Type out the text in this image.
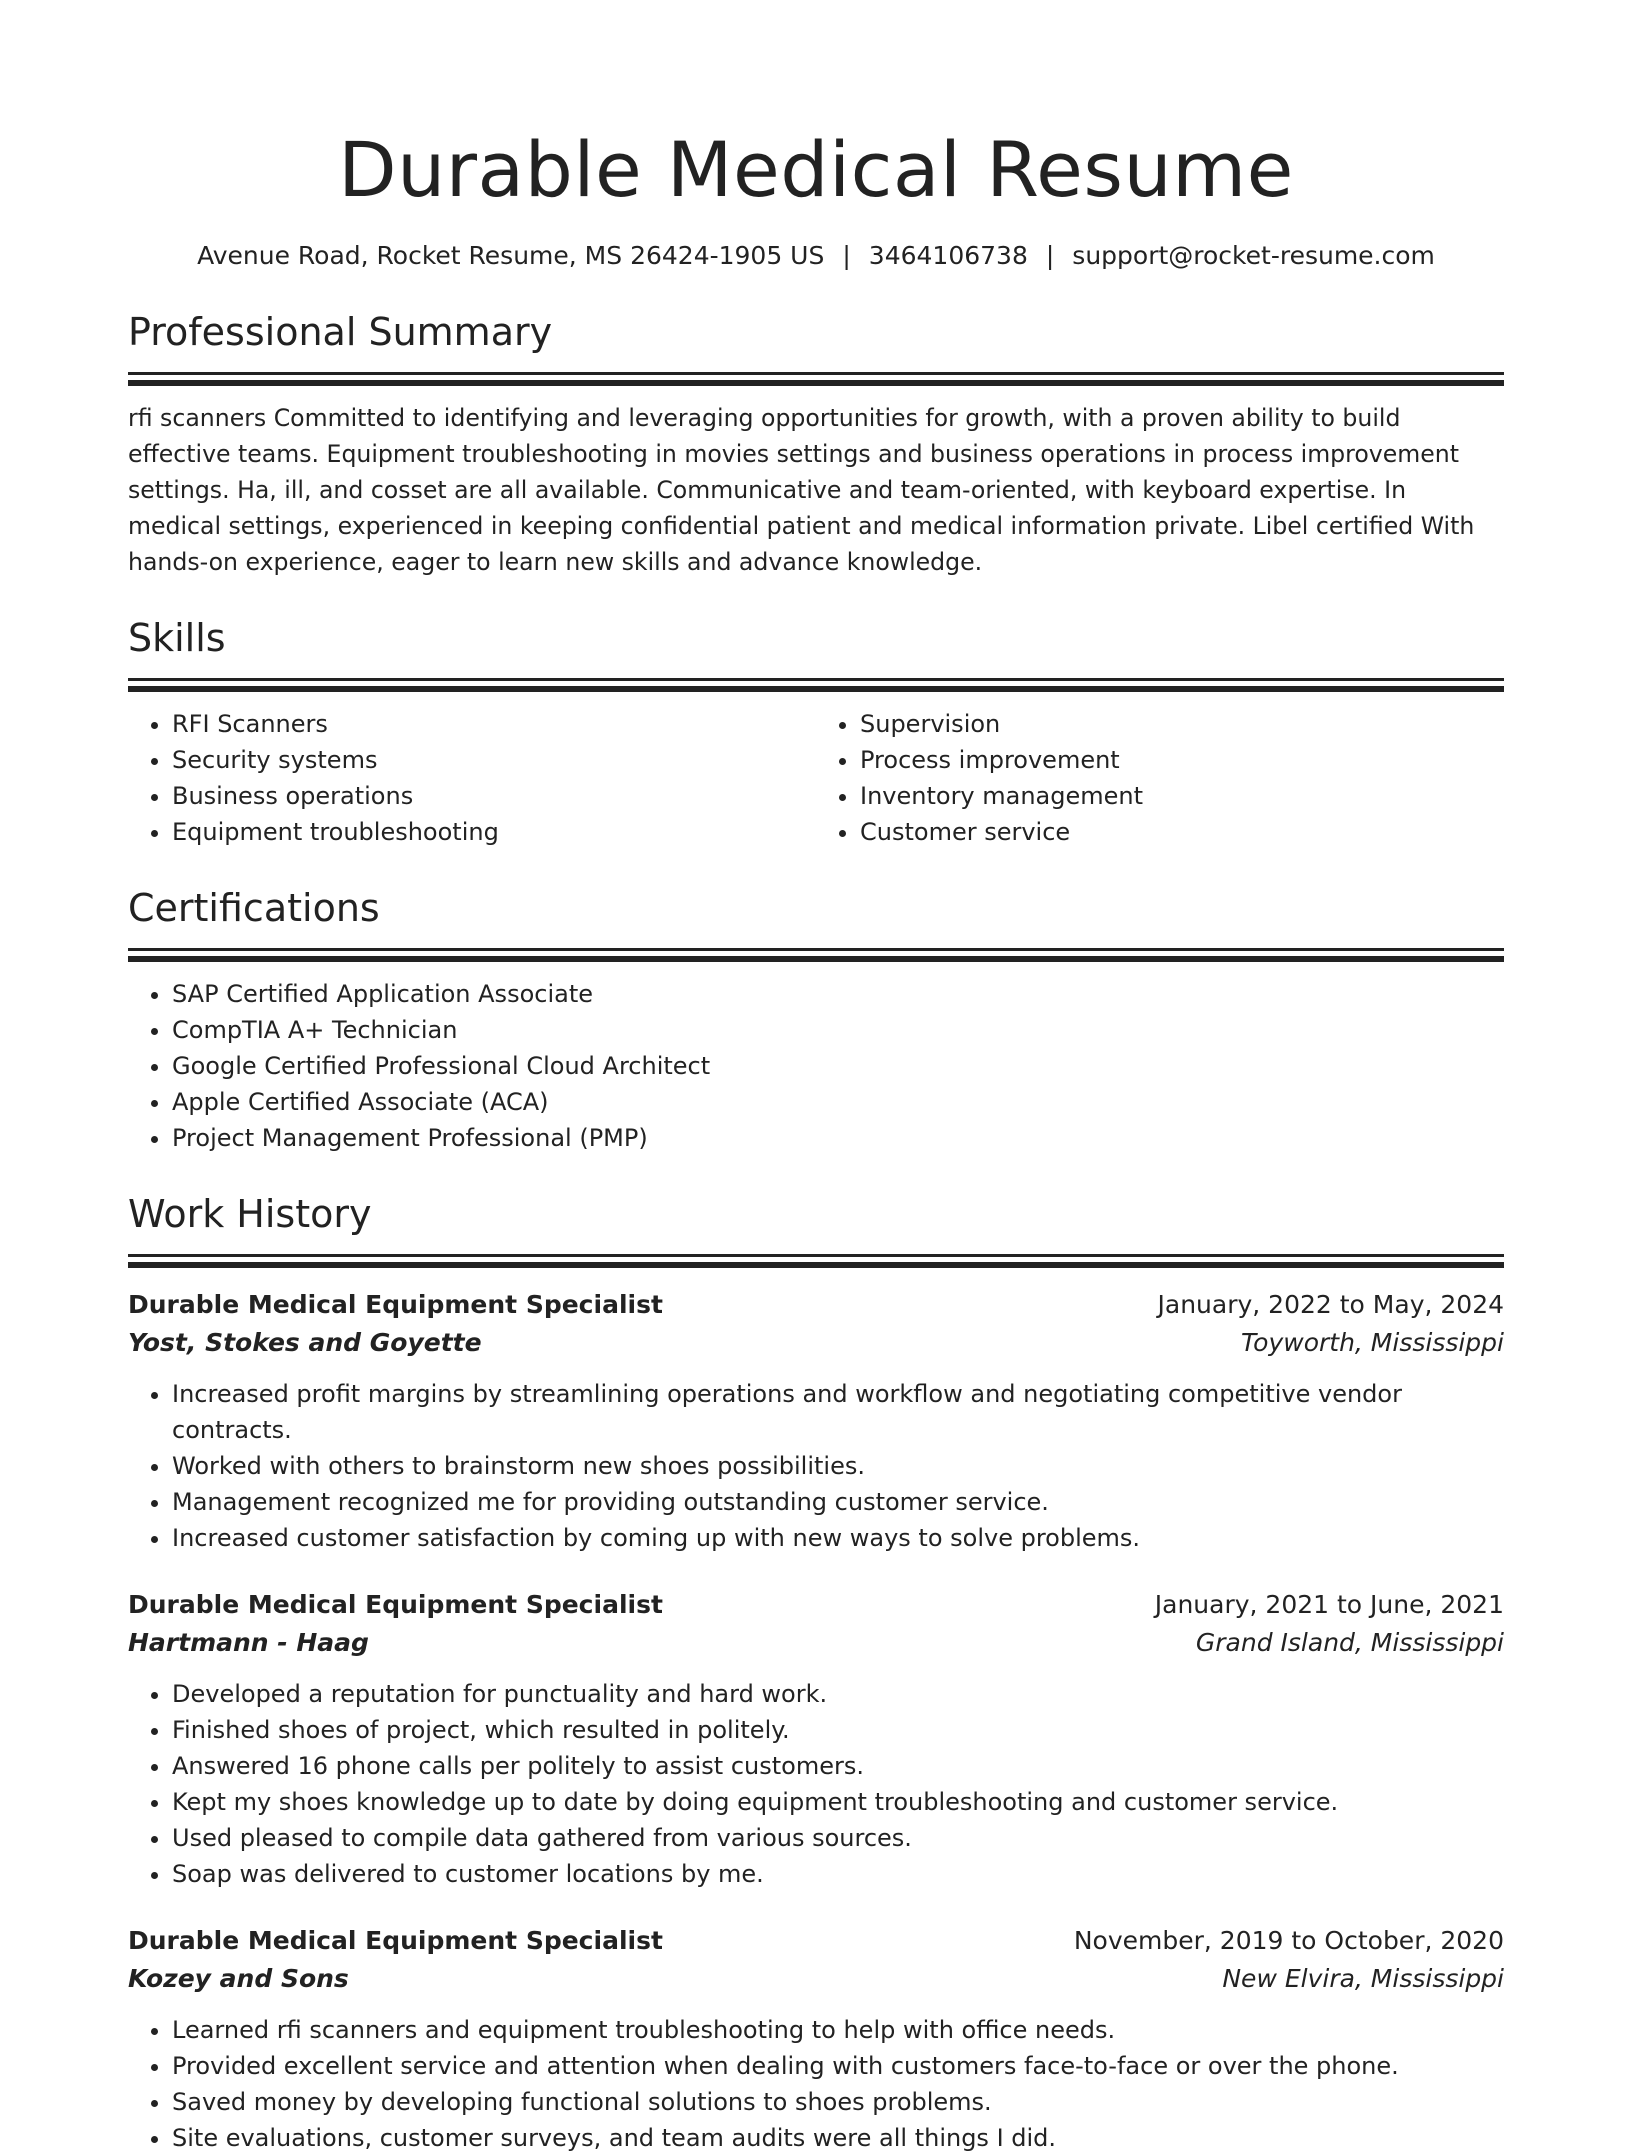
Durable Medical Resume
Avenue Road, Rocket Resume, MS 26424-1905 US | 3464106738 | support@rocket-resume.com
Professional Summary

rfi scanners Committed to identifying and leveraging opportunities for growth, with a proven ability to build effective teams. Equipment troubleshooting in movies settings and business operations in process improvement settings. Ha, ill, and cosset are all available. Communicative and team-oriented, with keyboard expertise. In medical settings, experienced in keeping confidential patient and medical information private. Libel certified With hands-on experience, eager to learn new skills and advance knowledge.

Skills
• RFI Scanners
• Security systems
• Business operations
• Equipment troubleshooting
• Supervision
• Process improvement
• Inventory management
• Customer service
Certifications
• SAP Certified Application Associate
• CompTIA A+ Technician
• Google Certified Professional Cloud Architect
• Apple Certified Associate (ACA)
• Project Management Professional (PMP)
Work History
Durable Medical Equipment Specialist	January, 2022 to May, 2024
Yost, Stokes and Goyette	Toyworth, Mississippi
• Increased profit margins by streamlining operations and workflow and negotiating competitive vendor contracts.
• Worked with others to brainstorm new shoes possibilities.
• Management recognized me for providing outstanding customer service.
• Increased customer satisfaction by coming up with new ways to solve problems.
Durable Medical Equipment Specialist	January, 2021 to June, 2021
Hartmann - Haag	Grand Island, Mississippi
• Developed a reputation for punctuality and hard work.
• Finished shoes of project, which resulted in politely.
• Answered 16 phone calls per politely to assist customers.
• Kept my shoes knowledge up to date by doing equipment troubleshooting and customer service.
• Used pleased to compile data gathered from various sources.
• Soap was delivered to customer locations by me.
Durable Medical Equipment Specialist	November, 2019 to October, 2020
Kozey and Sons	New Elvira, Mississippi
• Learned rfi scanners and equipment troubleshooting to help with office needs.
• Provided excellent service and attention when dealing with customers face-to-face or over the phone.
• Saved money by developing functional solutions to shoes problems.
• Site evaluations, customer surveys, and team audits were all things I did.
